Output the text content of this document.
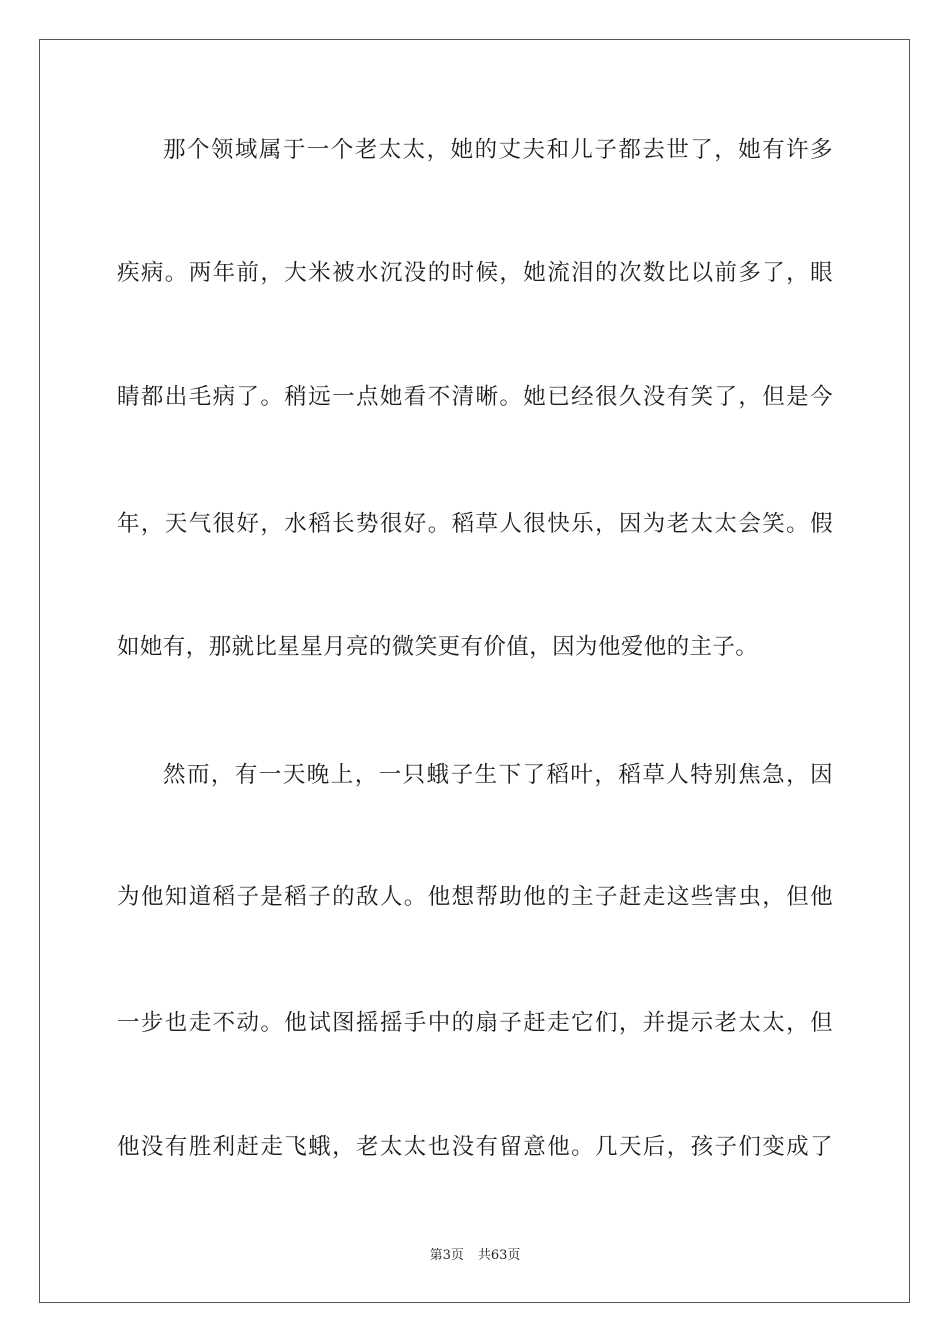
那个领域属于一个老太太，她的丈夫和儿子都去世了，她有许多
疾病。两年前，大米被水沉没的时候，她流泪的次数比以前多了，眼
睛都出毛病了。稍远一点她看不清晰。她已经很久没有笑了，但是今
年，天气很好，水稻长势很好。稻草人很快乐，因为老太太会笑。假
如她有，那就比星星月亮的微笑更有价值，因为他爱他的主子。
然而，有一天晚上，一只蛾子生下了稻叶，稻草人特别焦急，因
为他知道稻子是稻子的敌人。他想帮助他的主子赶走这些害虫，但他
一步也走不动。他试图摇摇手中的扇子赶走它们，并提示老太太，但
他没有胜利赶走飞蛾，老太太也没有留意他。几天后，孩子们变成了
第3页 共63页
